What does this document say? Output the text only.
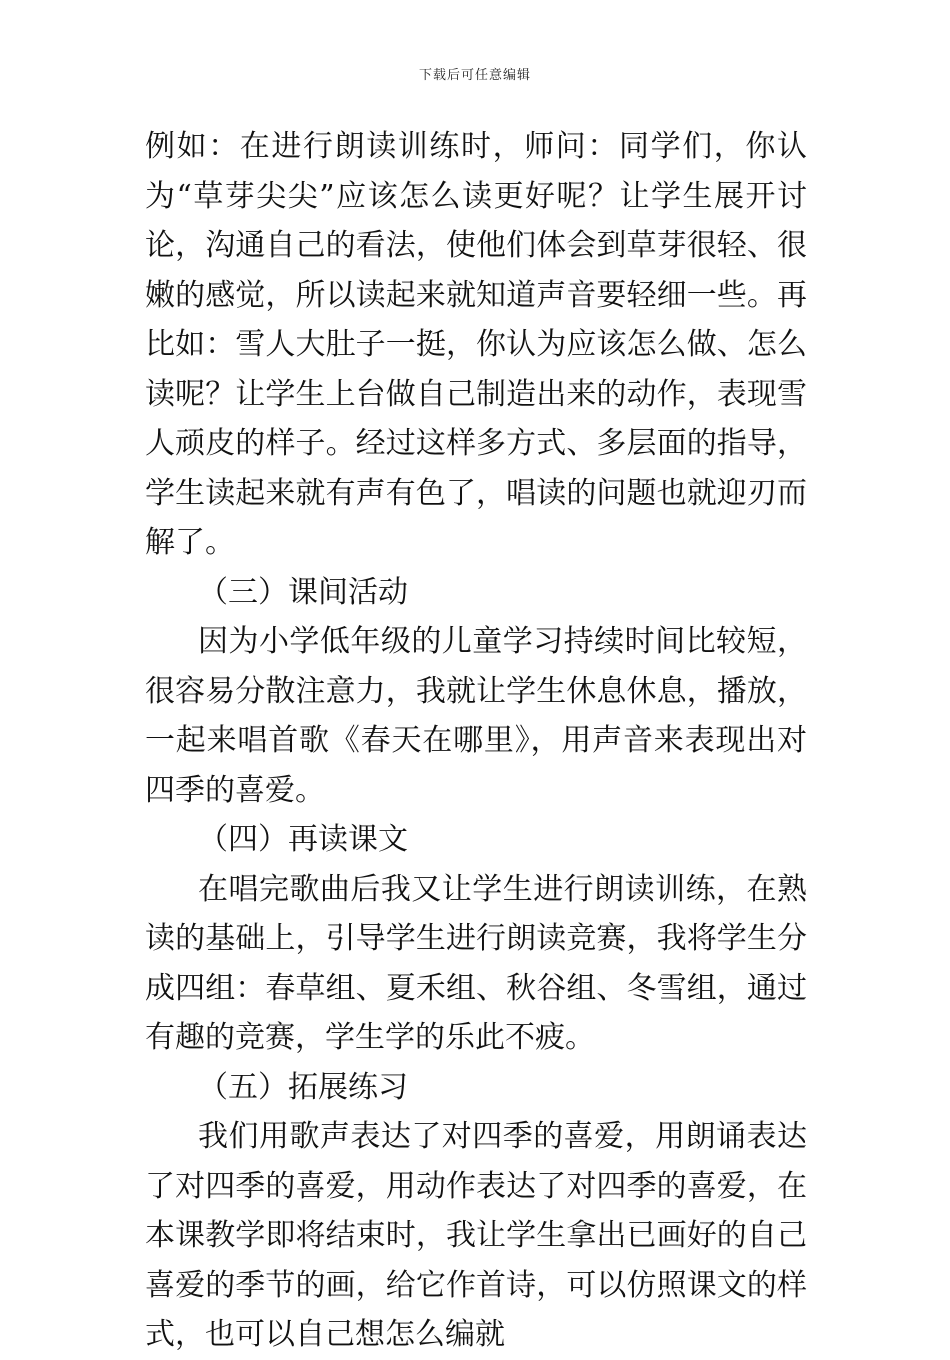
下载后可任意编辑

例如：在进行朗读训练时，师问：同学们，你认为“草芽尖尖”应该怎么读更好呢？让学生展开讨论，沟通自己的看法，使他们体会到草芽很轻、很嫩的感觉，所以读起来就知道声音要轻细一些。再比如：雪人大肚子一挺，你认为应该怎么做、怎么读呢？让学生上台做自己制造出来的动作，表现雪人顽皮的样子。经过这样多方式、多层面的指导，学生读起来就有声有色了，唱读的问题也就迎刃而解了。

（三）课间活动

因为小学低年级的儿童学习持续时间比较短，很容易分散注意力，我就让学生休息休息，播放，一起来唱首歌《春天在哪里》，用声音来表现出对四季的喜爱。

（四）再读课文

在唱完歌曲后我又让学生进行朗读训练，在熟读的基础上，引导学生进行朗读竞赛，我将学生分成四组：春草组、夏禾组、秋谷组、冬雪组，通过有趣的竞赛，学生学的乐此不疲。

（五）拓展练习

我们用歌声表达了对四季的喜爱，用朗诵表达了对四季的喜爱，用动作表达了对四季的喜爱，在本课教学即将结束时，我让学生拿出已画好的自己喜爱的季节的画，给它作首诗，可以仿照课文的样式，也可以自己想怎么编就
